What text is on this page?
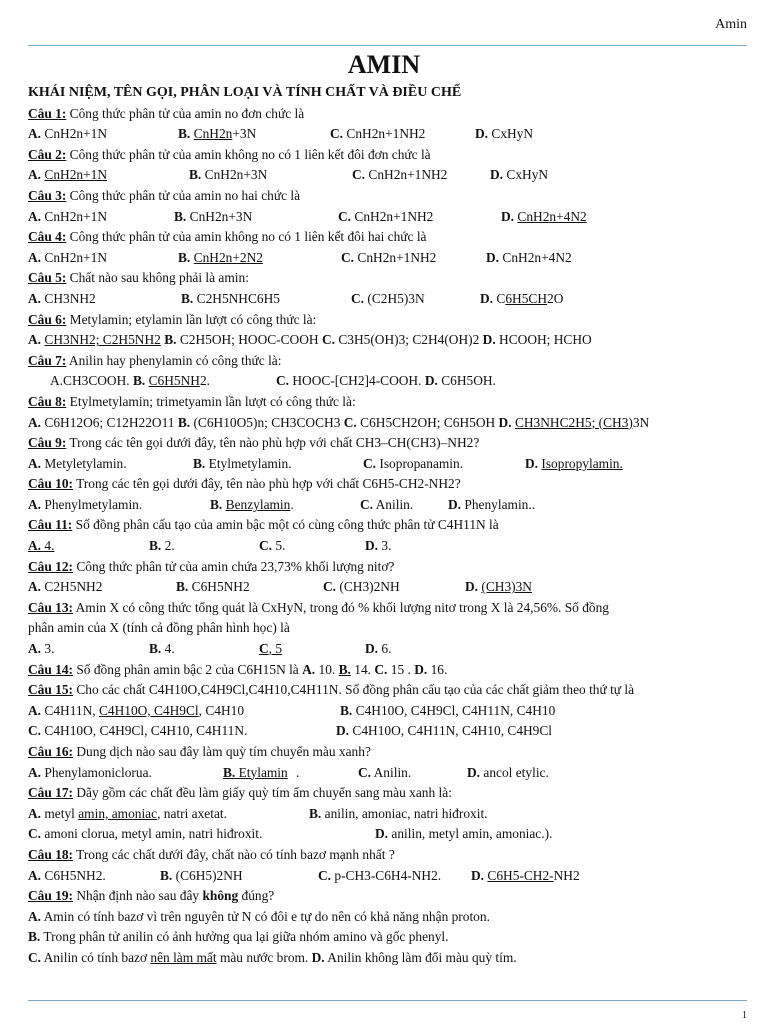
Amin
AMIN
KHÁI NIỆM, TÊN GỌI, PHÂN LOẠI VÀ TÍNH CHẤT VÀ ĐIỀU CHẾ
Câu 1: Công thức phân tử của amin no đơn chức là
A. CnH2n+1N	B. CnH2n+3N	C. CnH2n+1NH2	D. CxHyN
Câu 2: Công thức phân tử của amin không no có 1 liên kết đôi đơn chức là
A. CnH2n+1N	B. CnH2n+3N	C. CnH2n+1NH2	D. CxHyN
Câu 3: Công thức phân tử của amin no hai chức là
A. CnH2n+1N	B. CnH2n+3N	C. CnH2n+1NH2	D. CnH2n+4N2
Câu 4: Công thức phân tử của amin không no có 1 liên kết đôi hai chức là
A. CnH2n+1N	B. CnH2n+2N2	C. CnH2n+1NH2	D. CnH2n+4N2
Câu 5: Chất nào sau không phải là amin:
A. CH3NH2	B. C2H5NHC6H5	C. (C2H5)3N	D. C6H5CH2O
Câu 6: Metylamin; etylamin lần lượt có công thức là:
A. CH3NH2; C2H5NH2 B. C2H5OH; HOOC-COOH C. C3H5(OH)3; C2H4(OH)2 D. HCOOH; HCHO
Câu 7: Anilin hay phenylamin có công thức là:
A.CH3COOH. B. C6H5NH2.	C. HOOC-[CH2]4-COOH. D. C6H5OH.
Câu 8: Etylmetylamin; trimetyamin lần lượt có công thức là:
A. C6H12O6; C12H22O11 B. (C6H10O5)n; CH3COCH3 C. C6H5CH2OH; C6H5OH D. CH3NHC2H5; (CH3)3N
Câu 9: Trong các tên gọi dưới đây, tên nào phù hợp với chất CH3–CH(CH3)–NH2?
A. Metyletylamin.	B. Etylmetylamin.	C. Isopropanamin.	D. Isopropylamin.
Câu 10: Trong các tên gọi dưới đây, tên nào phù hợp với chất C6H5-CH2-NH2?
A. Phenylmetylamin.	B. Benzylamin.	C. Anilin.	D. Phenylamin..
Câu 11: Số đồng phân cấu tạo của amin bậc một có cùng công thức phân tử C4H11N là
A. 4.	B. 2.	C. 5.	D. 3.
Câu 12: Công thức phân tử của amin chứa 23,73% khối lượng nitơ?
A. C2H5NH2	B. C6H5NH2	C. (CH3)2NH	D. (CH3)3N
Câu 13: Amin X có công thức tổng quát là CxHyN, trong đó % khối lượng nitơ trong X là 24,56%. Số đồng
phân amin của X (tính cả đồng phân hình học) là
A. 3.	B. 4.	C, 5	D. 6.
Câu 14: Số đồng phân amin bậc 2 của C6H15N là A. 10. B. 14. C. 15 . D. 16.
Câu 15: Cho các chất C4H10O,C4H9Cl,C4H10,C4H11N. Số đồng phân cấu tạo của các chất giảm theo thứ tự là
A. C4H11N, C4H10O, C4H9Cl, C4H10	B. C4H10O, C4H9Cl, C4H11N, C4H10
C. C4H10O, C4H9Cl, C4H10, C4H11N.	D. C4H10O, C4H11N, C4H10, C4H9Cl
Câu 16: Dung dịch nào sau đây làm quỳ tím chuyển màu xanh?
A. Phenylamoniclorua.	B. Etylamin .	C. Anilin.	D. ancol etylic.
Câu 17: Dãy gồm các chất đều làm giấy quỳ tím ẩm chuyển sang màu xanh là:
A. metyl amin, amoniac, natri axetat.	B. anilin, amoniac, natri hiđroxit.
C. amoni clorua, metyl amin, natri hiđroxit.	D. anilin, metyl amin, amoniac.).
Câu 18: Trong các chất dưới đây, chất nào có tính bazơ mạnh nhất ?
A. C6H5NH2.	B. (C6H5)2NH	C. p-CH3-C6H4-NH2. D. C6H5-CH2-NH2
Câu 19: Nhận định nào sau đây không đúng?
A. Amin có tính bazơ vì trên nguyên tử N có đôi e tự do nên có khả năng nhận proton.
B. Trong phân tử anilin có ảnh hưởng qua lại giữa nhóm amino và gốc phenyl.
C. Anilin có tính bazơ nên làm mất màu nước brom. D. Anilin không làm đổi màu quỳ tím.
1
